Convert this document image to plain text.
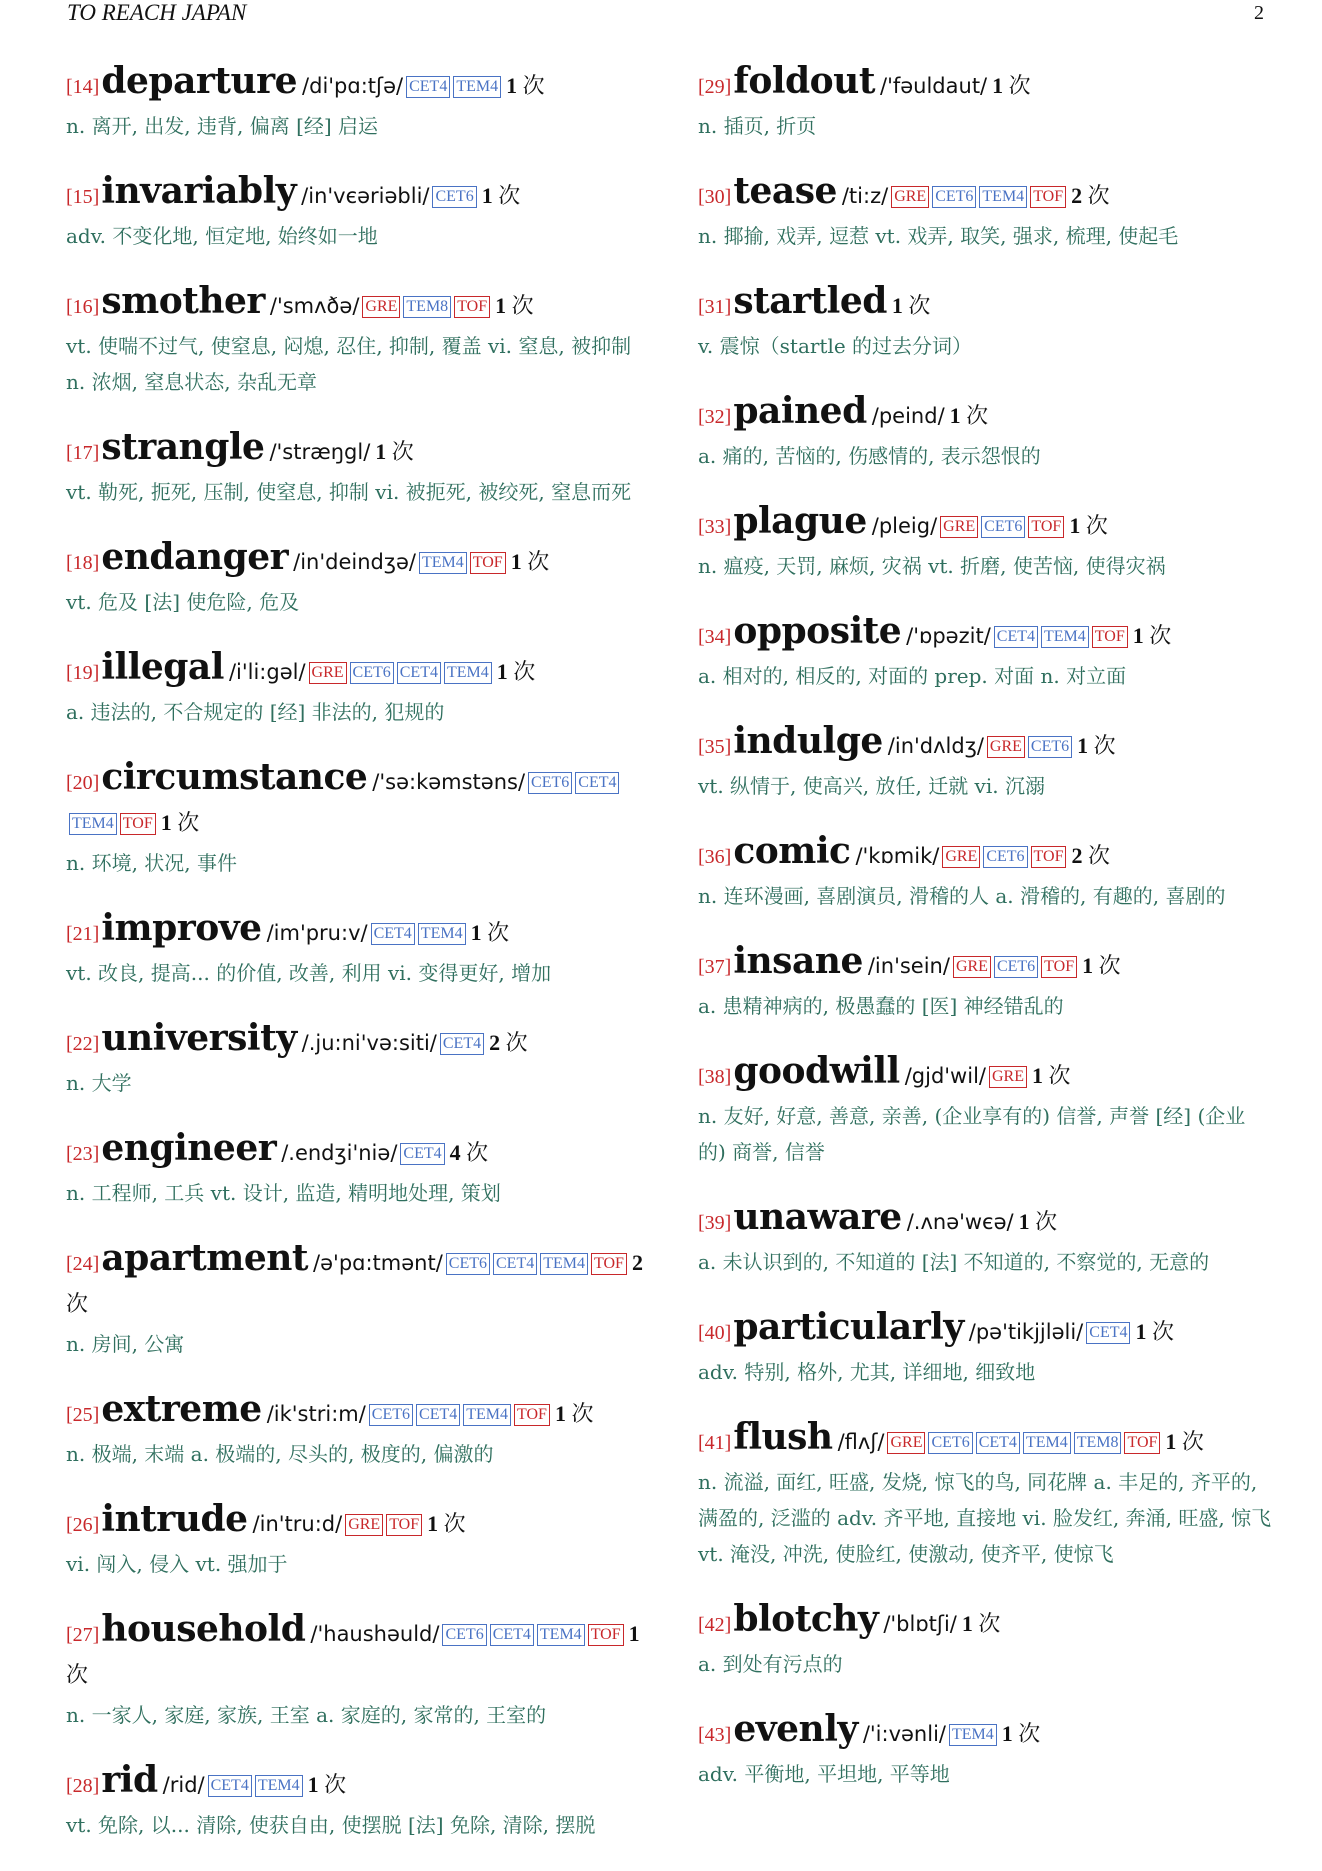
TO REACH JAPAN	2
[14]departure /di'pɑ:tʃə/ CET4 TEM4 1 次
n. 离开, 出发, 违背, 偏离 [经] 启运
[15]invariably /in'vєəriəbli/ CET6 1 次
adv. 不变化地, 恒定地, 始终如一地
[16]smother /'smʌðə/ GRE TEM8 TOF 1 次
vt. 使喘不过气, 使窒息, 闷熄, 忍住, 抑制, 覆盖 vi. 窒息, 被抑制 n. 浓烟, 窒息状态, 杂乱无章
[17]strangle /'stræŋgl/ 1 次
vt. 勒死, 扼死, 压制, 使窒息, 抑制 vi. 被扼死, 被绞死, 窒息而死
[18]endanger /in'deindʒə/ TEM4 TOF 1 次
vt. 危及 [法] 使危险, 危及
[19]illegal /i'li:gəl/ GRE CET6 CET4 TEM4 1 次
a. 违法的, 不合规定的 [经] 非法的, 犯规的
[20]circumstance /'sə:kəmstəns/ CET6 CET4TEM4 TOF 1 次
n. 环境, 状况, 事件
[21]improve /im'pru:v/ CET4 TEM4 1 次
vt. 改良, 提高... 的价值, 改善, 利用 vi. 变得更好, 增加
[22]university /.ju:ni'və:siti/ CET4 2 次
n. 大学
[23]engineer /.endʒi'niə/ CET4 4 次
n. 工程师, 工兵 vt. 设计, 监造, 精明地处理, 策划
[24]apartment /ə'pɑ:tmənt/ CET6 CET4 TEM4 TOF 2 次
n. 房间, 公寓
[25]extreme /ik'stri:m/ CET6 CET4 TEM4 TOF 1 次
n. 极端, 末端 a. 极端的, 尽头的, 极度的, 偏激的
[26]intrude /in'tru:d/ GRE TOF 1 次
vi. 闯入, 侵入 vt. 强加于
[27]household /'haushəuld/ CET6 CET4 TEM4 TOF 1 次
n. 一家人, 家庭, 家族, 王室 a. 家庭的, 家常的, 王室的
[28]rid /rid/ CET4 TEM4 1 次
vt. 免除, 以... 清除, 使获自由, 使摆脱 [法] 免除, 清除, 摆脱
[29]foldout /'fəuldaut/ 1 次
n. 插页, 折页
[30]tease /ti:z/ GRE CET6 TEM4 TOF 2 次
n. 揶揄, 戏弄, 逗惹 vt. 戏弄, 取笑, 强求, 梳理, 使起毛
[31]startled 1 次
v. 震惊（startle 的过去分词）
[32]pained /peind/ 1 次
a. 痛的, 苦恼的, 伤感情的, 表示怨恨的
[33]plague /pleig/ GRE CET6 TOF 1 次
n. 瘟疫, 天罚, 麻烦, 灾祸 vt. 折磨, 使苦恼, 使得灾祸
[34]opposite /'ɒpəzit/ CET4 TEM4 TOF 1 次
a. 相对的, 相反的, 对面的 prep. 对面 n. 对立面
[35]indulge /in'dʌldʒ/ GRE CET6 1 次
vt. 纵情于, 使高兴, 放任, 迁就 vi. 沉溺
[36]comic /'kɒmik/ GRE CET6 TOF 2 次
n. 连环漫画, 喜剧演员, 滑稽的人 a. 滑稽的, 有趣的, 喜剧的
[37]insane /in'sein/ GRE CET6 TOF 1 次
a. 患精神病的, 极愚蠢的 [医] 神经错乱的
[38]goodwill /gjd'wil/ GRE 1 次
n. 友好, 好意, 善意, 亲善, (企业享有的) 信誉, 声誉 [经] (企业的) 商誉, 信誉
[39]unaware /.ʌnə'wєə/ 1 次
a. 未认识到的, 不知道的 [法] 不知道的, 不察觉的, 无意的
[40]particularly /pə'tikjjləli/ CET4 1 次
adv. 特别, 格外, 尤其, 详细地, 细致地
[41]flush /flʌʃ/ GRE CET6 CET4 TEM4 TEM8 TOF 1 次
n. 流溢, 面红, 旺盛, 发烧, 惊飞的鸟, 同花牌 a. 丰足的, 齐平的, 满盈的, 泛滥的 adv. 齐平地, 直接地 vi. 脸发红, 奔涌, 旺盛, 惊飞 vt. 淹没, 冲洗, 使脸红, 使激动, 使齐平, 使惊飞
[42]blotchy /'blɒtʃi/ 1 次
a. 到处有污点的
[43]evenly /'i:vənli/ TEM4 1 次
adv. 平衡地, 平坦地, 平等地
